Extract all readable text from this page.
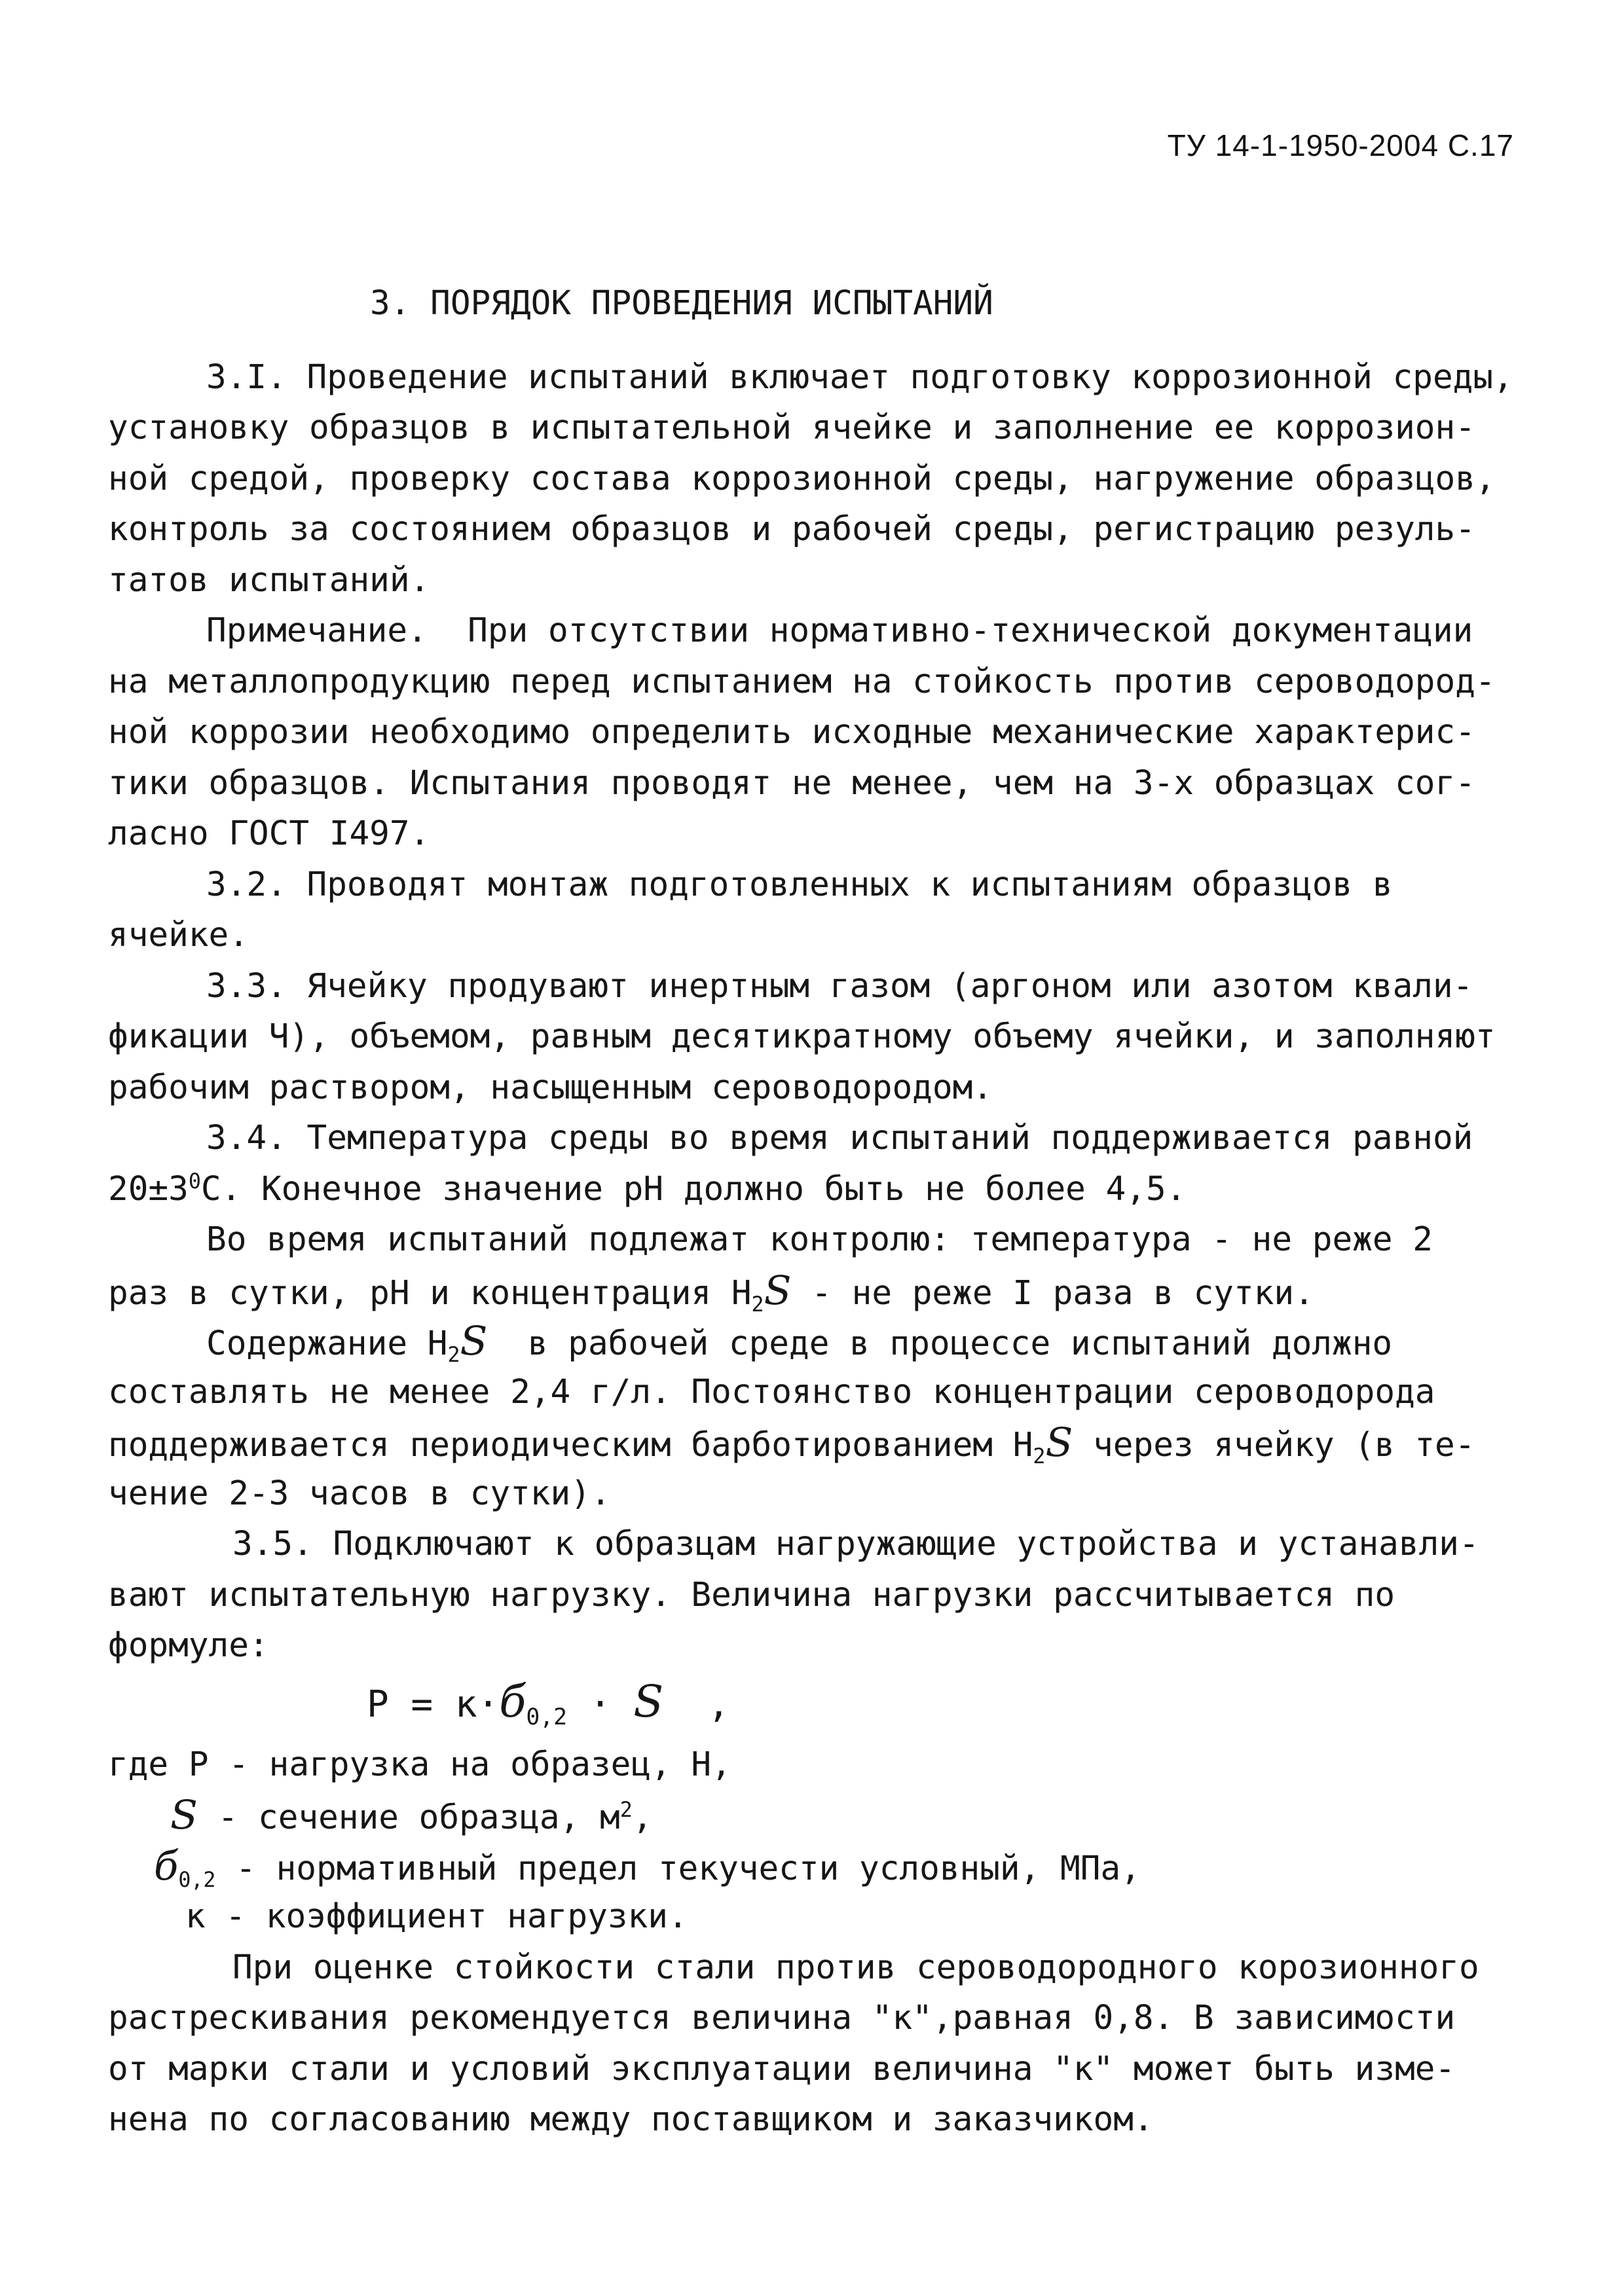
ТУ 14-1-1950-2004 С.17
3. ПОРЯДОК ПРОВЕДЕНИЯ ИСПЫТАНИЙ
3.I. Проведение испытаний включает подготовку коррозионной среды,
установку образцов в испытательной ячейке и заполнение ее коррозион-
ной средой, проверку состава коррозионной среды, нагружение образцов,
контроль за состоянием образцов и рабочей среды, регистрацию резуль-
татов испытаний.
Примечание.  При отсутствии нормативно-технической документации
на металлопродукцию перед испытанием на стойкость против сероводород-
ной коррозии необходимо определить исходные механические характерис-
тики образцов. Испытания проводят не менее, чем на 3-х образцах сог-
ласно ГОСТ I497.
3.2. Проводят монтаж подготовленных к испытаниям образцов в
ячейке.
3.3. Ячейку продувают инертным газом (аргоном или азотом квали-
фикации Ч), объемом, равным десятикратному объему ячейки, и заполняют
рабочим раствором, насыщенным сероводородом.
3.4. Температура среды во время испытаний поддерживается равной
$20\pm 3^0С$. Конечное значение pH должно быть не более 4,5.
Во время испытаний подлежат контролю: температура - не реже 2
раз в сутки, pH и концентрация $H_2S$ - не реже I раза в сутки.
Содержание $H_2S$  в рабочей среде в процессе испытаний должно
составлять не менее 2,4 г/л. Постоянство концентрации сероводорода
поддерживается периодическим барботированием $H_2S$ через ячейку (в те-
чение 2-3 часов в сутки).
3.5. Подключают к образцам нагружающие устройства и устанавли-
вают испытательную нагрузку. Величина нагрузки рассчитывается по
формуле:
$P = к\cdot б_{0,2} \cdot S$  ,
где P - нагрузка на образец, H,
S - сечение образца, $м^2$,
$б_{0,2}$ - нормативный предел текучести условный, МПа,
к - коэффициент нагрузки.
При оценке стойкости стали против сероводородного корозионного
растрескивания рекомендуется величина "к",равная 0,8. В зависимости
от марки стали и условий эксплуатации величина "к" может быть изме-
нена по согласованию между поставщиком и заказчиком.
